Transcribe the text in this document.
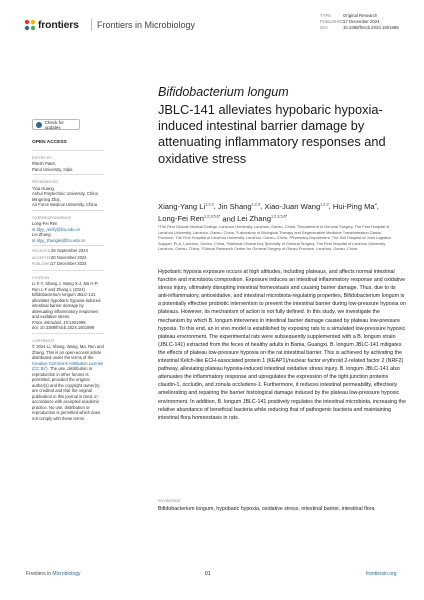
frontiers Frontiers in Microbiology
TYPE	Original Research
PUBLISHED17 December 2024
DOI	10.3389/fmicb.2024.1501999
Check for updates
OPEN ACCESS
EDITED BY
Ritesh Patel,
Parul University, India
REVIEWED BY
Yina Huang,
Anhui Polytechnic University, China
Mingming Zhai,
Air Force Medical University, China
*CORRESPONDENCE
Long-Fei Ren
✉ ldyy_renlfy@lzu.edu.cn
Lei Zhang
✉ ldyy_zhanglei@lzu.edu.cn
RECEIVED26 September 2024
ACCEPTED20 November 2024
PUBLISHED17 December 2024
CITATION
Li X-Y, Shang J, Wang X-J, Ma H-P, Ren L-F and Zhang L (2024) Bifidobacterium longum JBLC-141 alleviates hypobaric hypoxia-induced intestinal barrier damage by attenuating inflammatory responses and oxidative stress.
Front. Microbiol. 15:1501999.
doi: 10.3389/fmicb.2024.1501999
COPYRIGHT
© 2024 Li, Shang, Wang, Ma, Ren and Zhang. This is an open-access article distributed under the terms of the Creative Commons Attribution License (CC BY). The use, distribution or reproduction in other forums is permitted, provided the original author(s) and the copyright owner(s) are credited and that the original publication in this journal is cited, in accordance with accepted academic practice. No use, distribution or reproduction is permitted which does not comply with these terms.
Bifidobacterium longum
JBLC-141 alleviates hypobaric hypoxia-induced intestinal barrier damage by attenuating inflammatory responses and oxidative stress
Xiang-Yang Li$^{1,2,3}$, Jin Shang$^{1,2,3}$, Xiao-Juan Wang$^{1,2,3}$, Hui-Ping Ma$^4$, Long-Fei Ren$^{1,2,3,5,6*}$ and Lei Zhang$^{1,2,3,5,6*}$
¹The First Clinical Medical College, Lanzhou University, Lanzhou, Gansu, China, ²Department of General Surgery, The First Hospital of Lanzhou University, Lanzhou, Gansu, China, ³Laboratory of Biological Therapy and Regenerative Medicine Transformation Gansu Province, The First Hospital of Lanzhou University, Lanzhou, Gansu, China, ⁴Pharmacy Department, The 940 Hospital of Joint Logistics Support, PLA, Lanzhou, Gansu, China, ⁵National Clinical Key Specialty of General Surgery, The First Hospital of Lanzhou University, Lanzhou, Gansu, China, ⁶Clinical Research Center for General Surgery of Gansu Province, Lanzhou, Gansu, China
Hypobaric hypoxia exposure occurs at high altitudes, including plateaus, and affects normal intestinal function and microbiota composition. Exposure induces an intestinal inflammatory response and oxidative stress injury, ultimately disrupting intestinal homeostasis and causing barrier damage. Thus, due to its anti-inflammatory, antioxidative, and intestinal microbiota-regulating properties, Bifidobacterium longum is a potentially effective probiotic intervention to prevent the intestinal barrier during low-pressure hypoxia on plateaus. However, its mechanism of action is not fully defined. In this study, we investigate the mechanism by which B. longum intervenes in intestinal barrier damage caused by plateau low-pressure hypoxia. To this end, an in vivo model is established by exposing rats to a simulated low-pressure hypoxic plateau environment. The experimental rats were subsequently supplemented with a B. longum strain (JBLC-141) extracted from the feces of healthy adults in Bama, Guangxi. B. longum JBLC-141 mitigates the effects of plateau low-pressure hypoxia on the rat intestinal barrier. This is achieved by activating the intestinal Kelch-like ECH-associated protein 1 (KEAP1)/nuclear factor erythroid 2-related factor 2 (NRF2) pathway, alleviating plateau hypoxia-induced intestinal oxidative stress injury. B. longum JBLC-141 also attenuates the inflammatory response and upregulates the expression of the tight junction proteins claudin-1, occludin, and zonula occludens-1. Furthermore, it reduces intestinal permeability, effectively ameliorating and repairing the barrier histological damage induced by the plateau low-pressure hypoxic environment. In addition, B. longum JBLC-141 positively regulates the intestinal microbiota, increasing the relative abundance of beneficial bacteria while reducing that of pathogenic bacteria and maintaining intestinal flora homeostasis in rats.
KEYWORDS
Bifidobacterium longum, hypobaric hypoxia, oxidative stress, intestinal barrier, intestinal flora
Frontiers in Microbiology	01	frontiersin.org
